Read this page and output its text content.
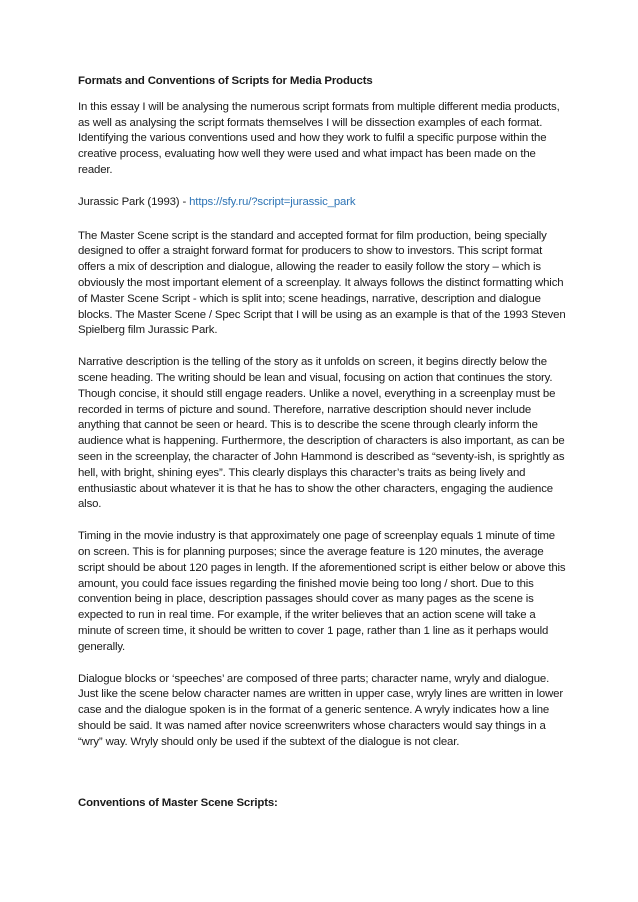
Formats and Conventions of Scripts for Media Products

In this essay I will be analysing the numerous script formats from multiple different media products, as well as analysing the script formats themselves I will be dissection examples of each format. Identifying the various conventions used and how they work to fulfil a specific purpose within the creative process, evaluating how well they were used and what impact has been made on the reader.

Jurassic Park (1993) - https://sfy.ru/?script=jurassic_park

The Master Scene script is the standard and accepted format for film production, being specially designed to offer a straight forward format for producers to show to investors. This script format offers a mix of description and dialogue, allowing the reader to easily follow the story – which is obviously the most important element of a screenplay. It always follows the distinct formatting which of Master Scene Script - which is split into; scene headings, narrative, description and dialogue blocks. The Master Scene / Spec Script that I will be using as an example is that of the 1993 Steven Spielberg film Jurassic Park.

Narrative description is the telling of the story as it unfolds on screen, it begins directly below the scene heading. The writing should be lean and visual, focusing on action that continues the story. Though concise, it should still engage readers. Unlike a novel, everything in a screenplay must be recorded in terms of picture and sound. Therefore, narrative description should never include anything that cannot be seen or heard. This is to describe the scene through clearly inform the audience what is happening. Furthermore, the description of characters is also important, as can be seen in the screenplay, the character of John Hammond is described as “seventy-ish, is sprightly as hell, with bright, shining eyes”. This clearly displays this character’s traits as being lively and enthusiastic about whatever it is that he has to show the other characters, engaging the audience also.

Timing in the movie industry is that approximately one page of screenplay equals 1 minute of time on screen. This is for planning purposes; since the average feature is 120 minutes, the average script should be about 120 pages in length. If the aforementioned script is either below or above this amount, you could face issues regarding the finished movie being too long / short. Due to this convention being in place, description passages should cover as many pages as the scene is expected to run in real time. For example, if the writer believes that an action scene will take a minute of screen time, it should be written to cover 1 page, rather than 1 line as it perhaps would generally.

Dialogue blocks or ‘speeches’ are composed of three parts; character name, wryly and dialogue. Just like the scene below character names are written in upper case, wryly lines are written in lower case and the dialogue spoken is in the format of a generic sentence. A wryly indicates how a line should be said. It was named after novice screenwriters whose characters would say things in a “wry” way. Wryly should only be used if the subtext of the dialogue is not clear.

Conventions of Master Scene Scripts:
